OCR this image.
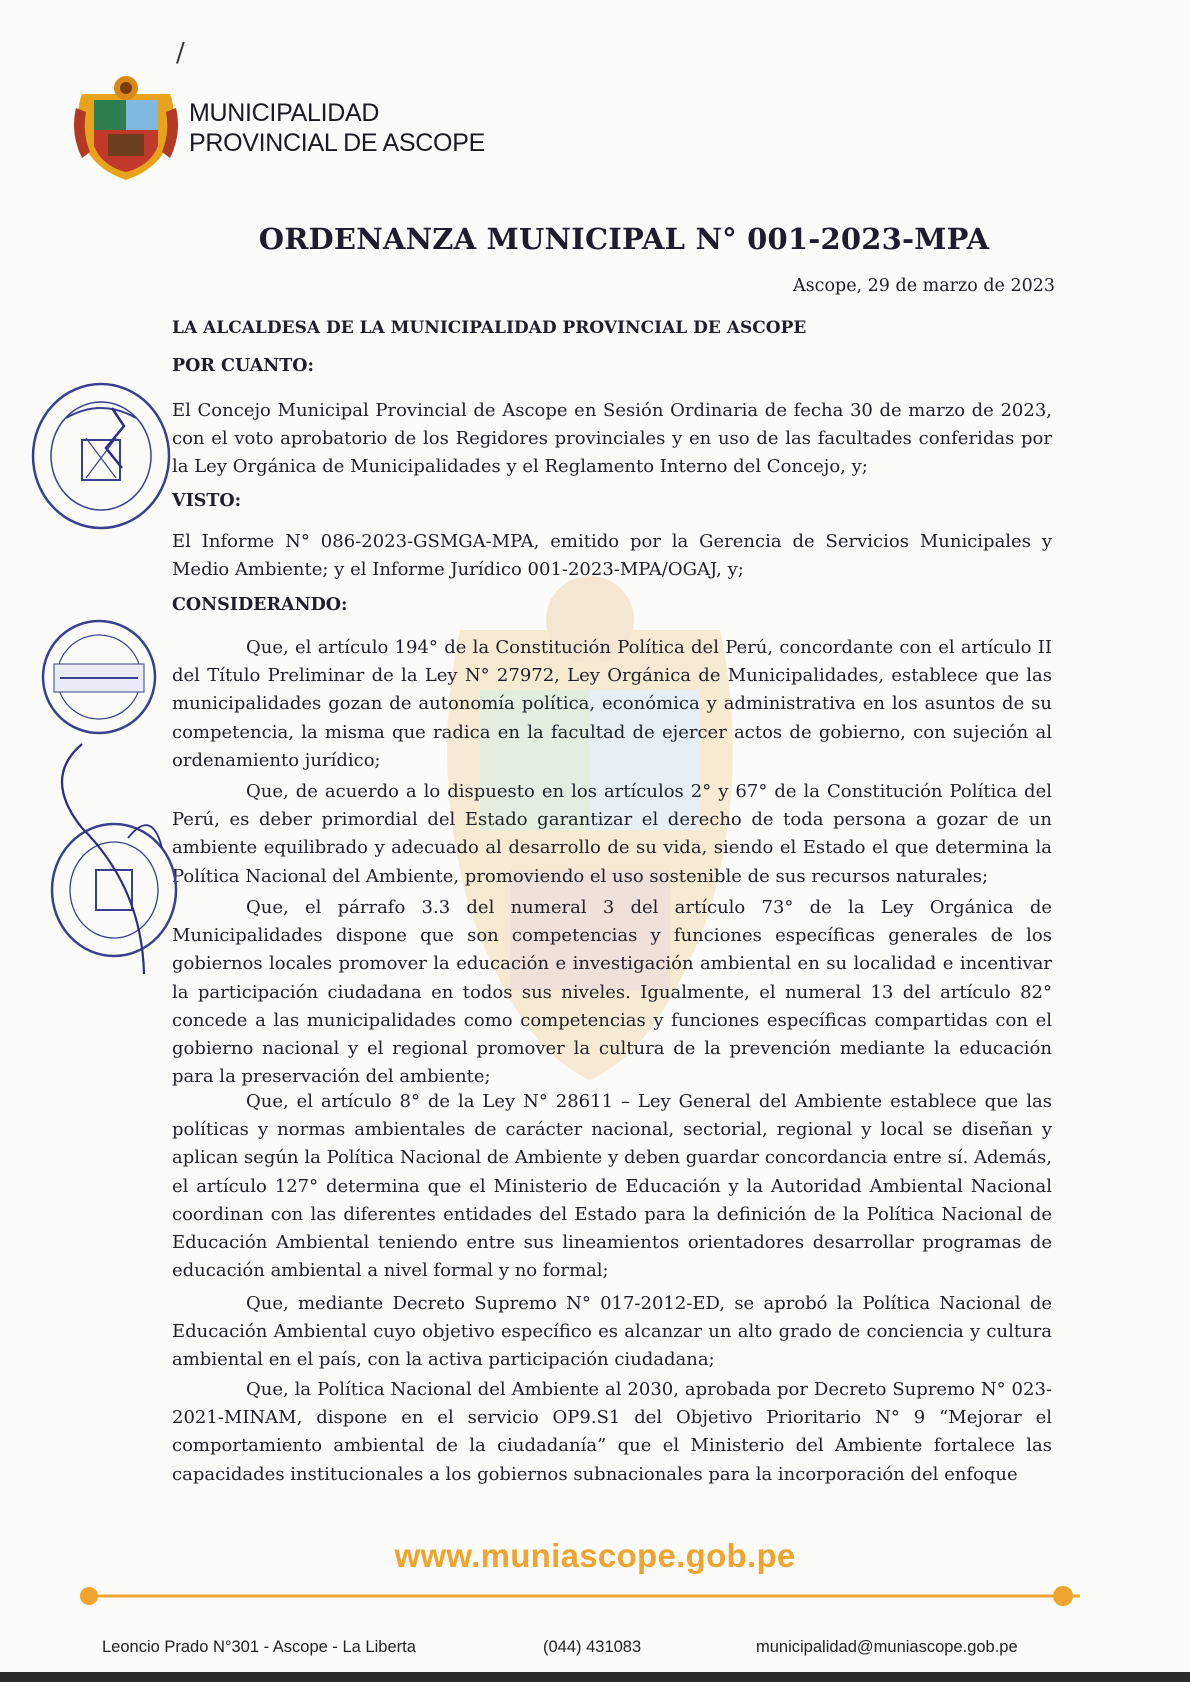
/
MUNICIPALIDAD
PROVINCIAL DE ASCOPE
ORDENANZA MUNICIPAL N° 001-2023-MPA
Ascope, 29 de marzo de 2023
LA ALCALDESA DE LA MUNICIPALIDAD PROVINCIAL DE ASCOPE
POR CUANTO:
El Concejo Municipal Provincial de Ascope en Sesión Ordinaria de fecha 30 de marzo de 2023, con el voto aprobatorio de los Regidores provinciales y en uso de las facultades conferidas por la Ley Orgánica de Municipalidades y el Reglamento Interno del Concejo, y;
VISTO:
El Informe N° 086-2023-GSMGA-MPA, emitido por la Gerencia de Servicios Municipales y Medio Ambiente; y el Informe Jurídico 001-2023-MPA/OGAJ, y;
CONSIDERANDO:
Que, el artículo 194° de la Constitución Política del Perú, concordante con el artículo II del Título Preliminar de la Ley N° 27972, Ley Orgánica de Municipalidades, establece que las municipalidades gozan de autonomía política, económica y administrativa en los asuntos de su competencia, la misma que radica en la facultad de ejercer actos de gobierno, con sujeción al ordenamiento jurídico;
Que, de acuerdo a lo dispuesto en los artículos 2° y 67° de la Constitución Política del Perú, es deber primordial del Estado garantizar el derecho de toda persona a gozar de un ambiente equilibrado y adecuado al desarrollo de su vida, siendo el Estado el que determina la Política Nacional del Ambiente, promoviendo el uso sostenible de sus recursos naturales;
Que, el párrafo 3.3 del numeral 3 del artículo 73° de la Ley Orgánica de Municipalidades dispone que son competencias y funciones específicas generales de los gobiernos locales promover la educación e investigación ambiental en su localidad e incentivar la participación ciudadana en todos sus niveles. Igualmente, el numeral 13 del artículo 82° concede a las municipalidades como competencias y funciones específicas compartidas con el gobierno nacional y el regional promover la cultura de la prevención mediante la educación para la preservación del ambiente;
Que, el artículo 8° de la Ley N° 28611 – Ley General del Ambiente establece que las políticas y normas ambientales de carácter nacional, sectorial, regional y local se diseñan y aplican según la Política Nacional de Ambiente y deben guardar concordancia entre sí. Además, el artículo 127° determina que el Ministerio de Educación y la Autoridad Ambiental Nacional coordinan con las diferentes entidades del Estado para la definición de la Política Nacional de Educación Ambiental teniendo entre sus lineamientos orientadores desarrollar programas de educación ambiental a nivel formal y no formal;
Que, mediante Decreto Supremo N° 017-2012-ED, se aprobó la Política Nacional de Educación Ambiental cuyo objetivo específico es alcanzar un alto grado de conciencia y cultura ambiental en el país, con la activa participación ciudadana;
Que, la Política Nacional del Ambiente al 2030, aprobada por Decreto Supremo N° 023-2021-MINAM, dispone en el servicio OP9.S1 del Objetivo Prioritario N° 9 “Mejorar el comportamiento ambiental de la ciudadanía” que el Ministerio del Ambiente fortalece las capacidades institucionales a los gobiernos subnacionales para la incorporación del enfoque
www.muniascope.gob.pe
Leoncio Prado N°301 - Ascope - La Liberta	(044) 431083	municipalidad@muniascope.gob.pe
